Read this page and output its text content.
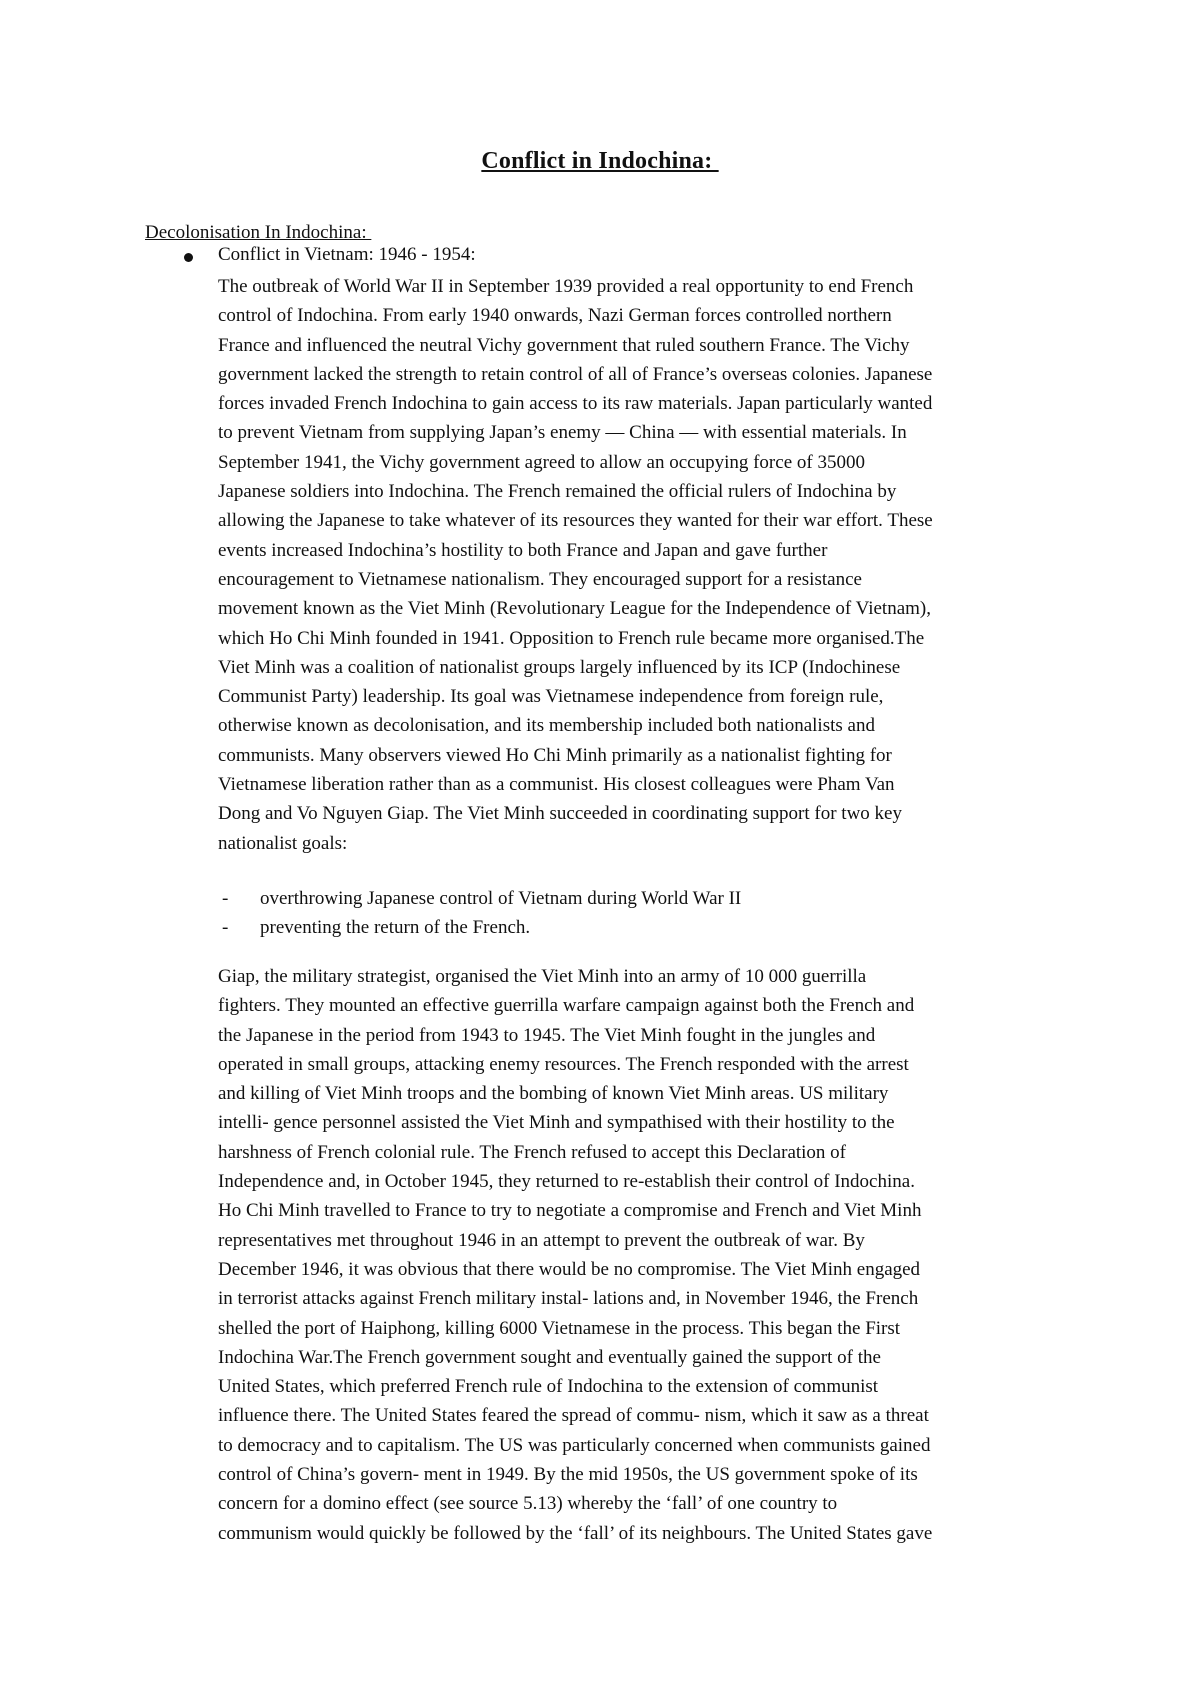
Conflict in Indochina:
Decolonisation In Indochina:
Conflict in Vietnam: 1946 - 1954:
The outbreak of World War II in September 1939 provided a real opportunity to end French
control of Indochina. From early 1940 onwards, Nazi German forces controlled northern
France and influenced the neutral Vichy government that ruled southern France. The Vichy
government lacked the strength to retain control of all of France’s overseas colonies. Japanese
forces invaded French Indochina to gain access to its raw materials. Japan particularly wanted
to prevent Vietnam from supplying Japan’s enemy — China — with essential materials. In
September 1941, the Vichy government agreed to allow an occupying force of 35000
Japanese soldiers into Indochina. The French remained the official rulers of Indochina by
allowing the Japanese to take whatever of its resources they wanted for their war effort. These
events increased Indochina’s hostility to both France and Japan and gave further
encouragement to Vietnamese nationalism. They encouraged support for a resistance
movement known as the Viet Minh (Revolutionary League for the Independence of Vietnam),
which Ho Chi Minh founded in 1941. Opposition to French rule became more organised.The
Viet Minh was a coalition of nationalist groups largely influenced by its ICP (Indochinese
Communist Party) leadership. Its goal was Vietnamese independence from foreign rule,
otherwise known as decolonisation, and its membership included both nationalists and
communists. Many observers viewed Ho Chi Minh primarily as a nationalist fighting for
Vietnamese liberation rather than as a communist. His closest colleagues were Pham Van
Dong and Vo Nguyen Giap. The Viet Minh succeeded in coordinating support for two key
nationalist goals:
- overthrowing Japanese control of Vietnam during World War II
- preventing the return of the French.
Giap, the military strategist, organised the Viet Minh into an army of 10 000 guerrilla
fighters. They mounted an effective guerrilla warfare campaign against both the French and
the Japanese in the period from 1943 to 1945. The Viet Minh fought in the jungles and
operated in small groups, attacking enemy resources. The French responded with the arrest
and killing of Viet Minh troops and the bombing of known Viet Minh areas. US military
intelli- gence personnel assisted the Viet Minh and sympathised with their hostility to the
harshness of French colonial rule. The French refused to accept this Declaration of
Independence and, in October 1945, they returned to re-establish their control of Indochina.
Ho Chi Minh travelled to France to try to negotiate a compromise and French and Viet Minh
representatives met throughout 1946 in an attempt to prevent the outbreak of war. By
December 1946, it was obvious that there would be no compromise. The Viet Minh engaged
in terrorist attacks against French military instal- lations and, in November 1946, the French
shelled the port of Haiphong, killing 6000 Vietnamese in the process. This began the First
Indochina War.The French government sought and eventually gained the support of the
United States, which preferred French rule of Indochina to the extension of communist
influence there. The United States feared the spread of commu- nism, which it saw as a threat
to democracy and to capitalism. The US was particularly concerned when communists gained
control of China’s govern- ment in 1949. By the mid 1950s, the US government spoke of its
concern for a domino effect (see source 5.13) whereby the ‘fall’ of one country to
communism would quickly be followed by the ‘fall’ of its neighbours. The United States gave
